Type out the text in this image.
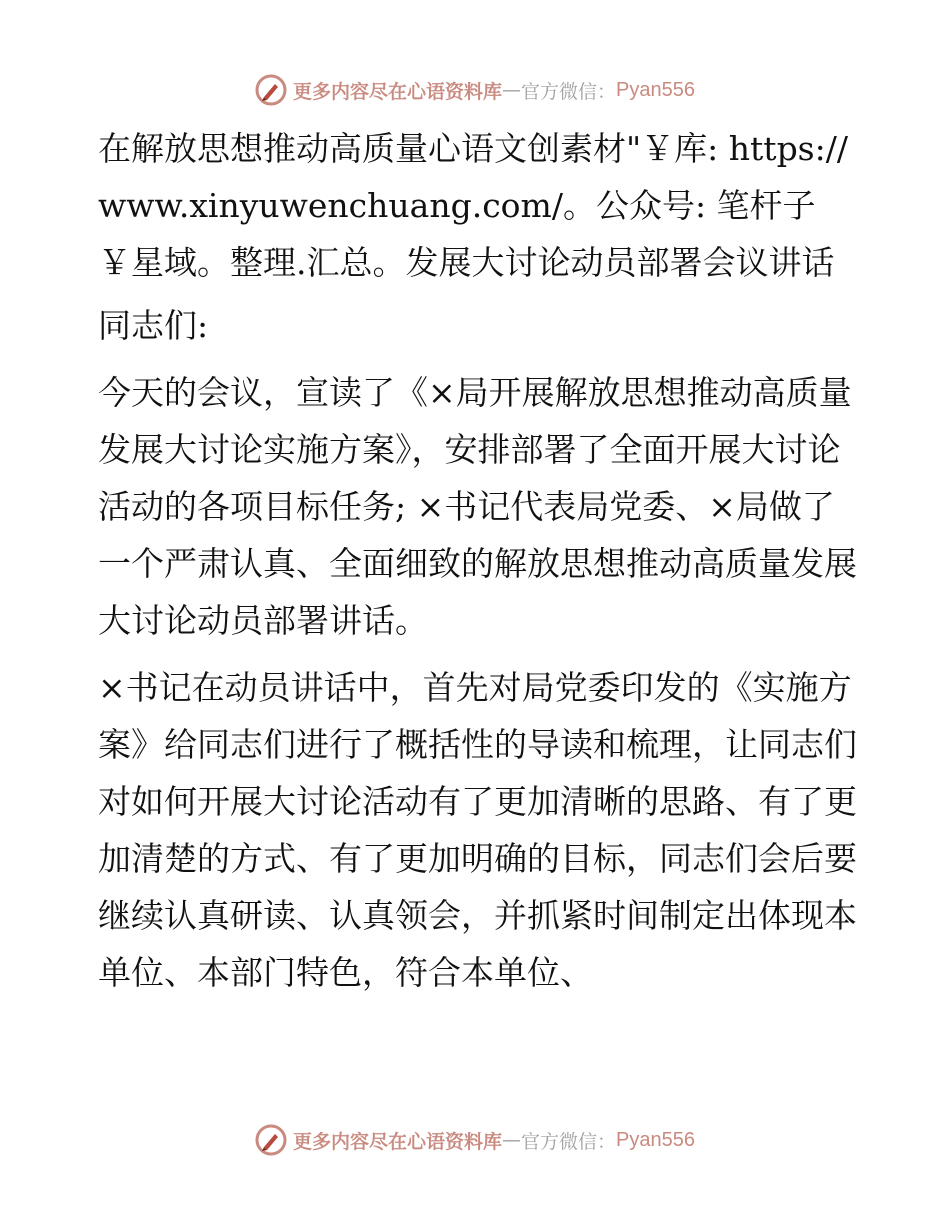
更多内容尽在心语资料库 — 官方微信： Pyan556

在解放思想推动高质量心语文创素材"￥库: https://www.xinyuwenchuang.com/。公众号: 笔杆子￥星域。整理.汇总。发展大讨论动员部署会议讲话

同志们:

今天的会议，宣读了《×局开展解放思想推动高质量发展大讨论实施方案》，安排部署了全面开展大讨论活动的各项目标任务; ×书记代表局党委、×局做了一个严肃认真、全面细致的解放思想推动高质量发展大讨论动员部署讲话。

×书记在动员讲话中，首先对局党委印发的《实施方案》给同志们进行了概括性的导读和梳理，让同志们对如何开展大讨论活动有了更加清晰的思路、有了更加清楚的方式、有了更加明确的目标，同志们会后要继续认真研读、认真领会，并抓紧时间制定出体现本单位、本部门特色，符合本单位、

更多内容尽在心语资料库 — 官方微信： Pyan556
